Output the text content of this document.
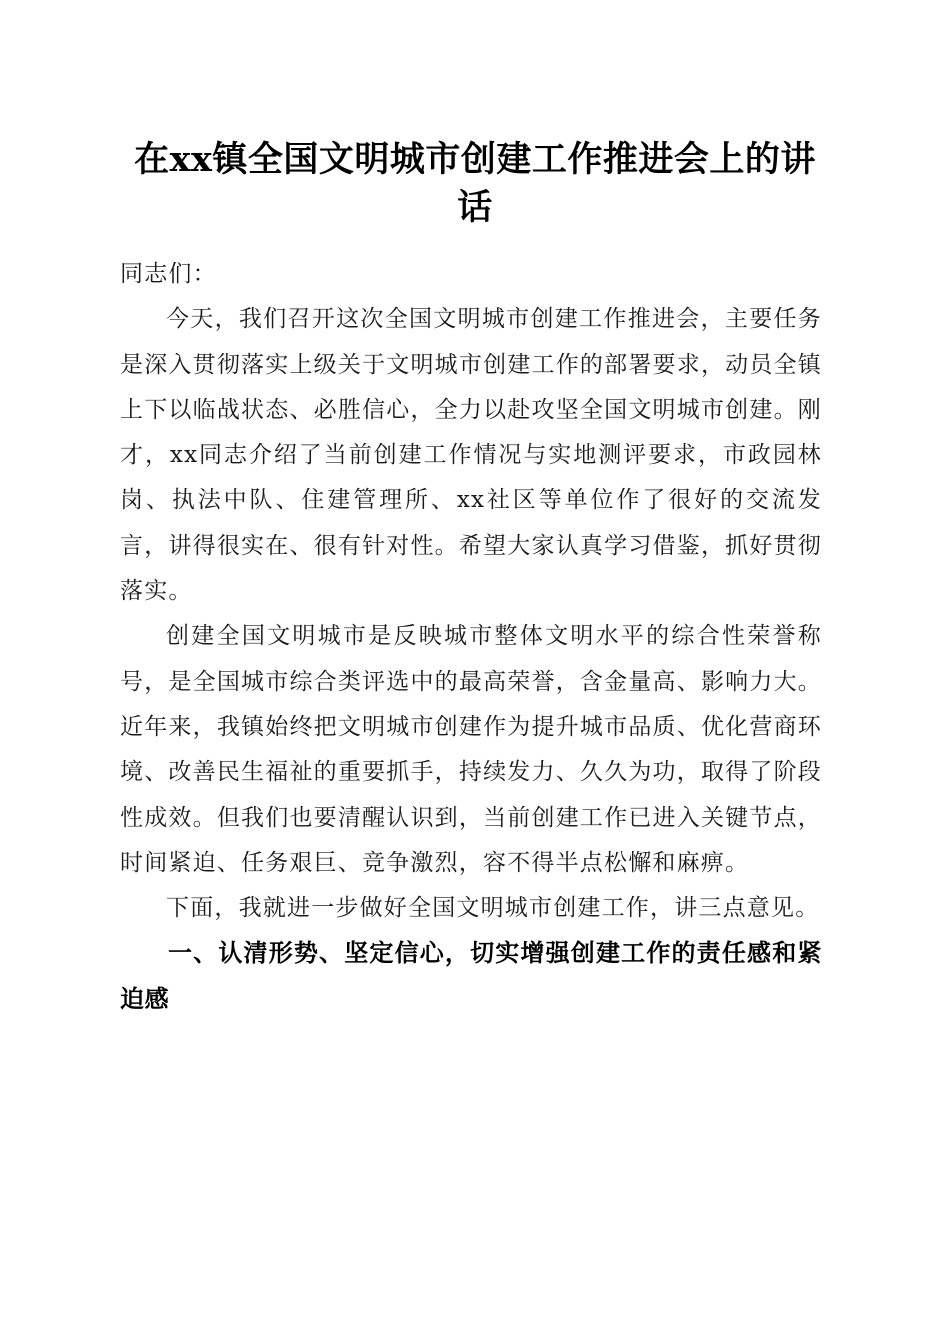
在xx镇全国文明城市创建工作推进会上的讲话

同志们：

今天，我们召开这次全国文明城市创建工作推进会，主要任务是深入贯彻落实上级关于文明城市创建工作的部署要求，动员全镇上下以临战状态、必胜信心，全力以赴攻坚全国文明城市创建。刚才，xx同志介绍了当前创建工作情况与实地测评要求，市政园林岗、执法中队、住建管理所、xx社区等单位作了很好的交流发言，讲得很实在、很有针对性。希望大家认真学习借鉴，抓好贯彻落实。

创建全国文明城市是反映城市整体文明水平的综合性荣誉称号，是全国城市综合类评选中的最高荣誉，含金量高、影响力大。近年来，我镇始终把文明城市创建作为提升城市品质、优化营商环境、改善民生福祉的重要抓手，持续发力、久久为功，取得了阶段性成效。但我们也要清醒认识到，当前创建工作已进入关键节点，时间紧迫、任务艰巨、竞争激烈，容不得半点松懈和麻痹。

下面，我就进一步做好全国文明城市创建工作，讲三点意见。

一、认清形势、坚定信心，切实增强创建工作的责任感和紧迫感
